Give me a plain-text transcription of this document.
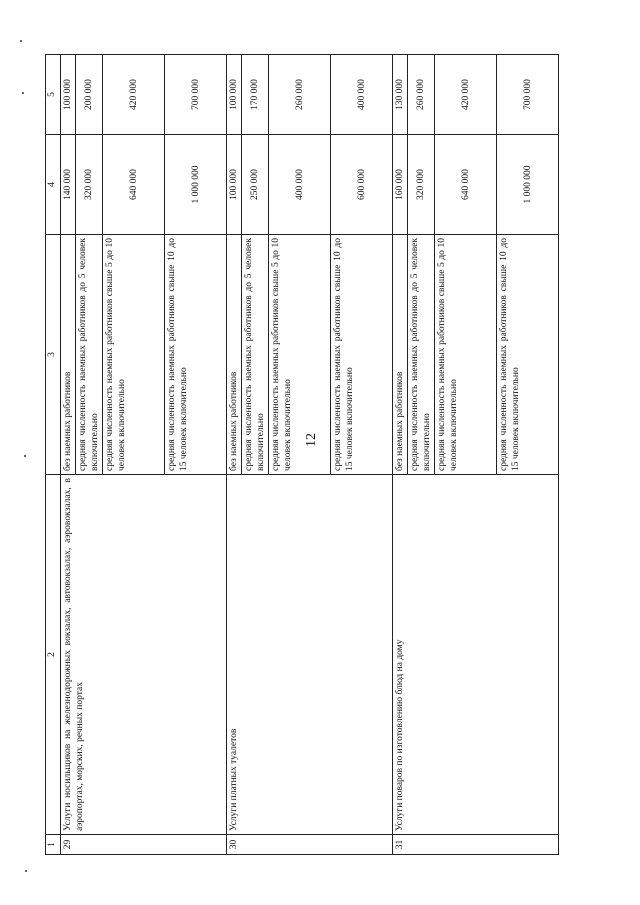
12
1	2	3	4	5
29	Услуги носильщиков на железнодорожных вокзалах, автовокзалах, аэровокзалах, в аэропортах, морских, речных портах	без наемных работников	140 000	100 000
		средняя численность наемных работников до 5 человек включительно	320 000	200 000
		средняя численность наемных работников свыше 5 до 10 человек включительно	640 000	420 000
		средняя численность наемных работников свыше 10 до 15 человек включительно	1 000 000	700 000
30	Услуги платных туалетов	без наемных работников	100 000	100 000
		средняя численность наемных работников до 5 человек включительно	250 000	170 000
		средняя численность наемных работников свыше 5 до 10 человек включительно	400 000	260 000
		средняя численность наемных работников свыше 10 до 15 человек включительно	600 000	400 000
31	Услуги поваров по изготовлению блюд на дому	без наемных работников	160 000	130 000
		средняя численность наемных работников до 5 человек включительно	320 000	260 000
		средняя численность наемных работников свыше 5 до 10 человек включительно	640 000	420 000
		средняя численность наемных работников свыше 10 до 15 человек включительно	1 000 000	700 000
